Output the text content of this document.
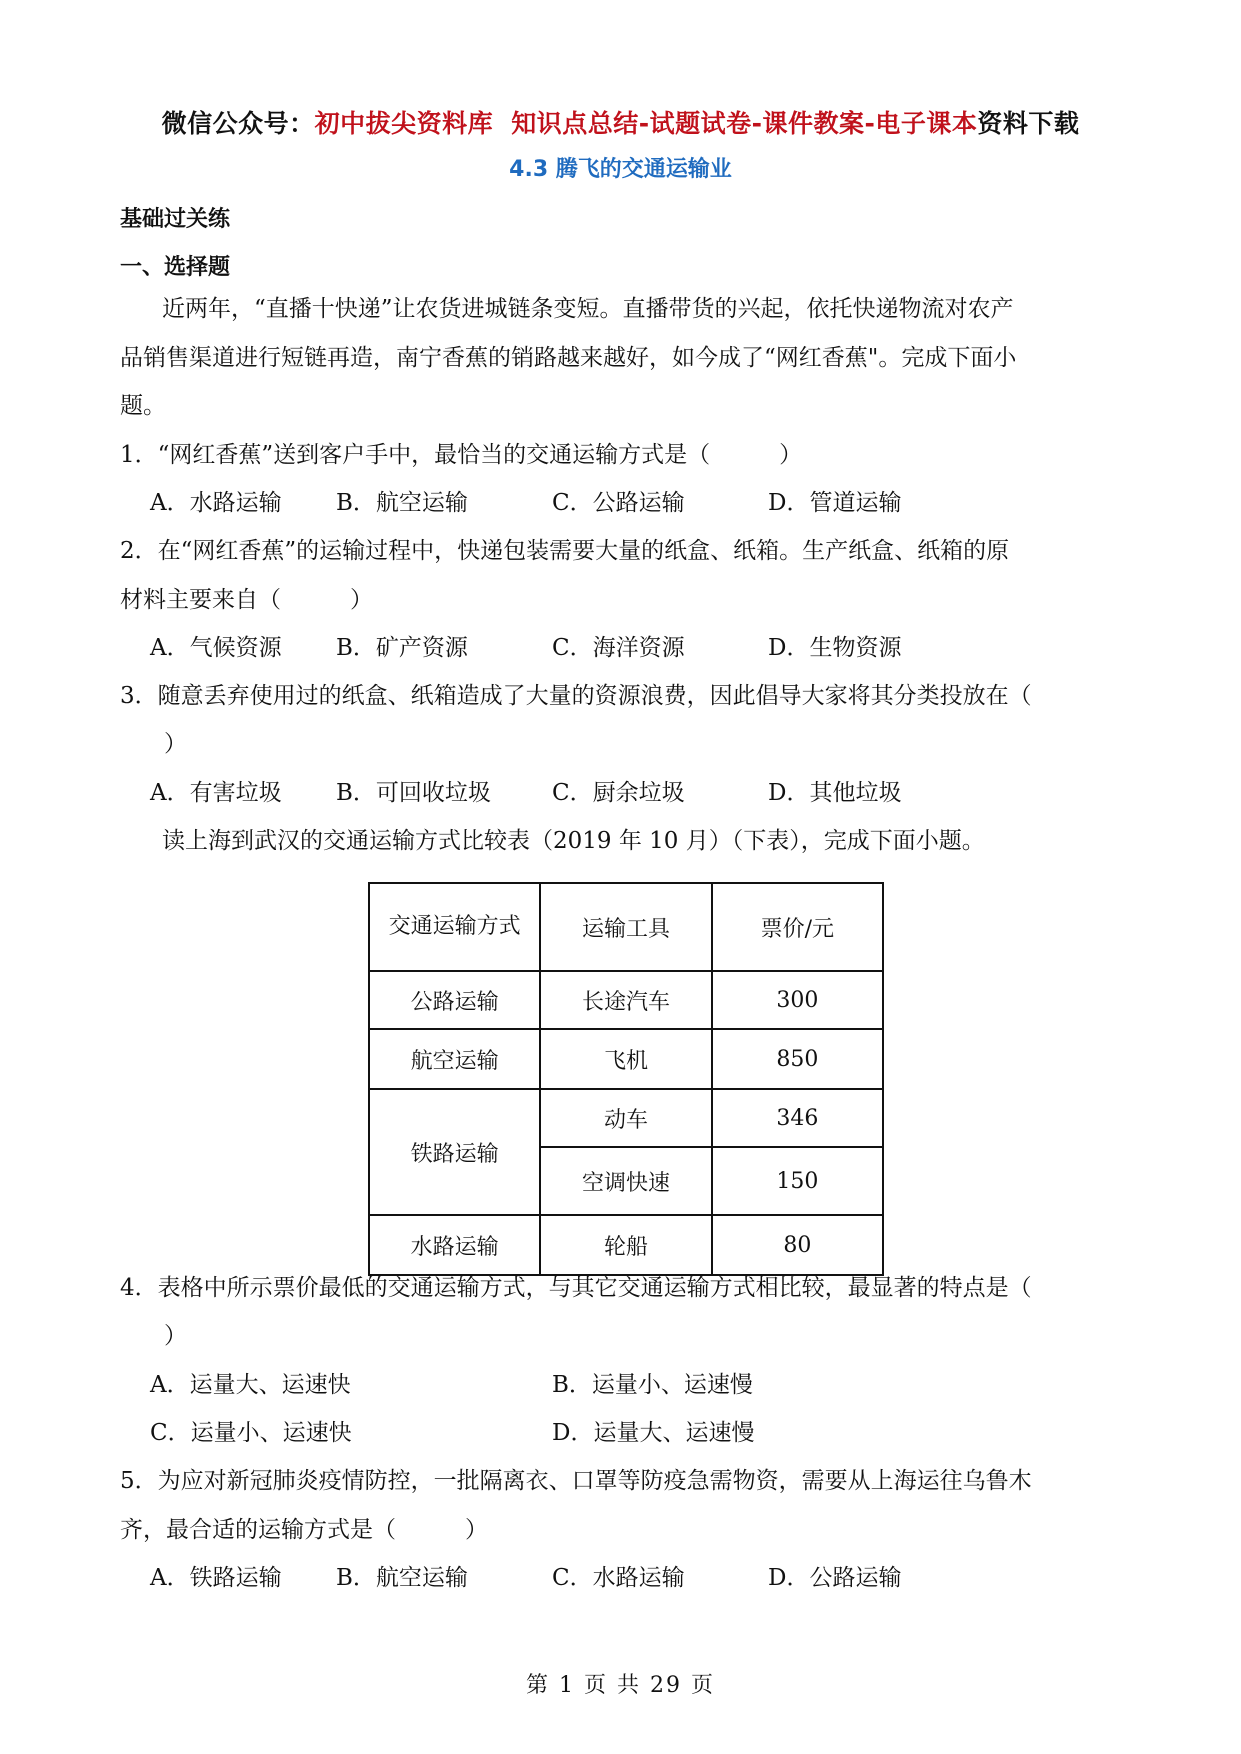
微信公众号：初中拔尖资料库 知识点总结-试题试卷-课件教案-电子课本资料下载
4.3 腾飞的交通运输业
基础过关练
一、选择题
近两年，“直播十快递”让农货进城链条变短。直播带货的兴起，依托快递物流对农产
品销售渠道进行短链再造，南宁香蕉的销路越来越好，如今成了“网红香蕉"。完成下面小
题。
1．“网红香蕉”送到客户手中，最恰当的交通运输方式是（　　　）
A．水路运输 B．航空运输	C．公路运输	D．管道运输
2．在“网红香蕉”的运输过程中，快递包装需要大量的纸盒、纸箱。生产纸盒、纸箱的原
材料主要来自（　　　）
A．气候资源 B．矿产资源	C．海洋资源	D．生物资源
3．随意丢弃使用过的纸盒、纸箱造成了大量的资源浪费，因此倡导大家将其分类投放在（
）
A．有害垃圾 B．可回收垃圾	C．厨余垃圾	D．其他垃圾
读上海到武汉的交通运输方式比较表（2019 年 10 月）（下表），完成下面小题。
交通运输方式	运输工具	票价/元
公路运输	长途汽车	300
航空运输	飞机	850
铁路运输	动车	346
	空调快速	150
水路运输	轮船	80
4．表格中所示票价最低的交通运输方式，与其它交通运输方式相比较，最显著的特点是（
）
A．运量大、运速快	B．运量小、运速慢
C．运量小、运速快	D．运量大、运速慢
5．为应对新冠肺炎疫情防控，一批隔离衣、口罩等防疫急需物资，需要从上海运往乌鲁木
齐，最合适的运输方式是（　　　）
A．铁路运输 B．航空运输	C．水路运输	D．公路运输
第 1 页 共 29 页
